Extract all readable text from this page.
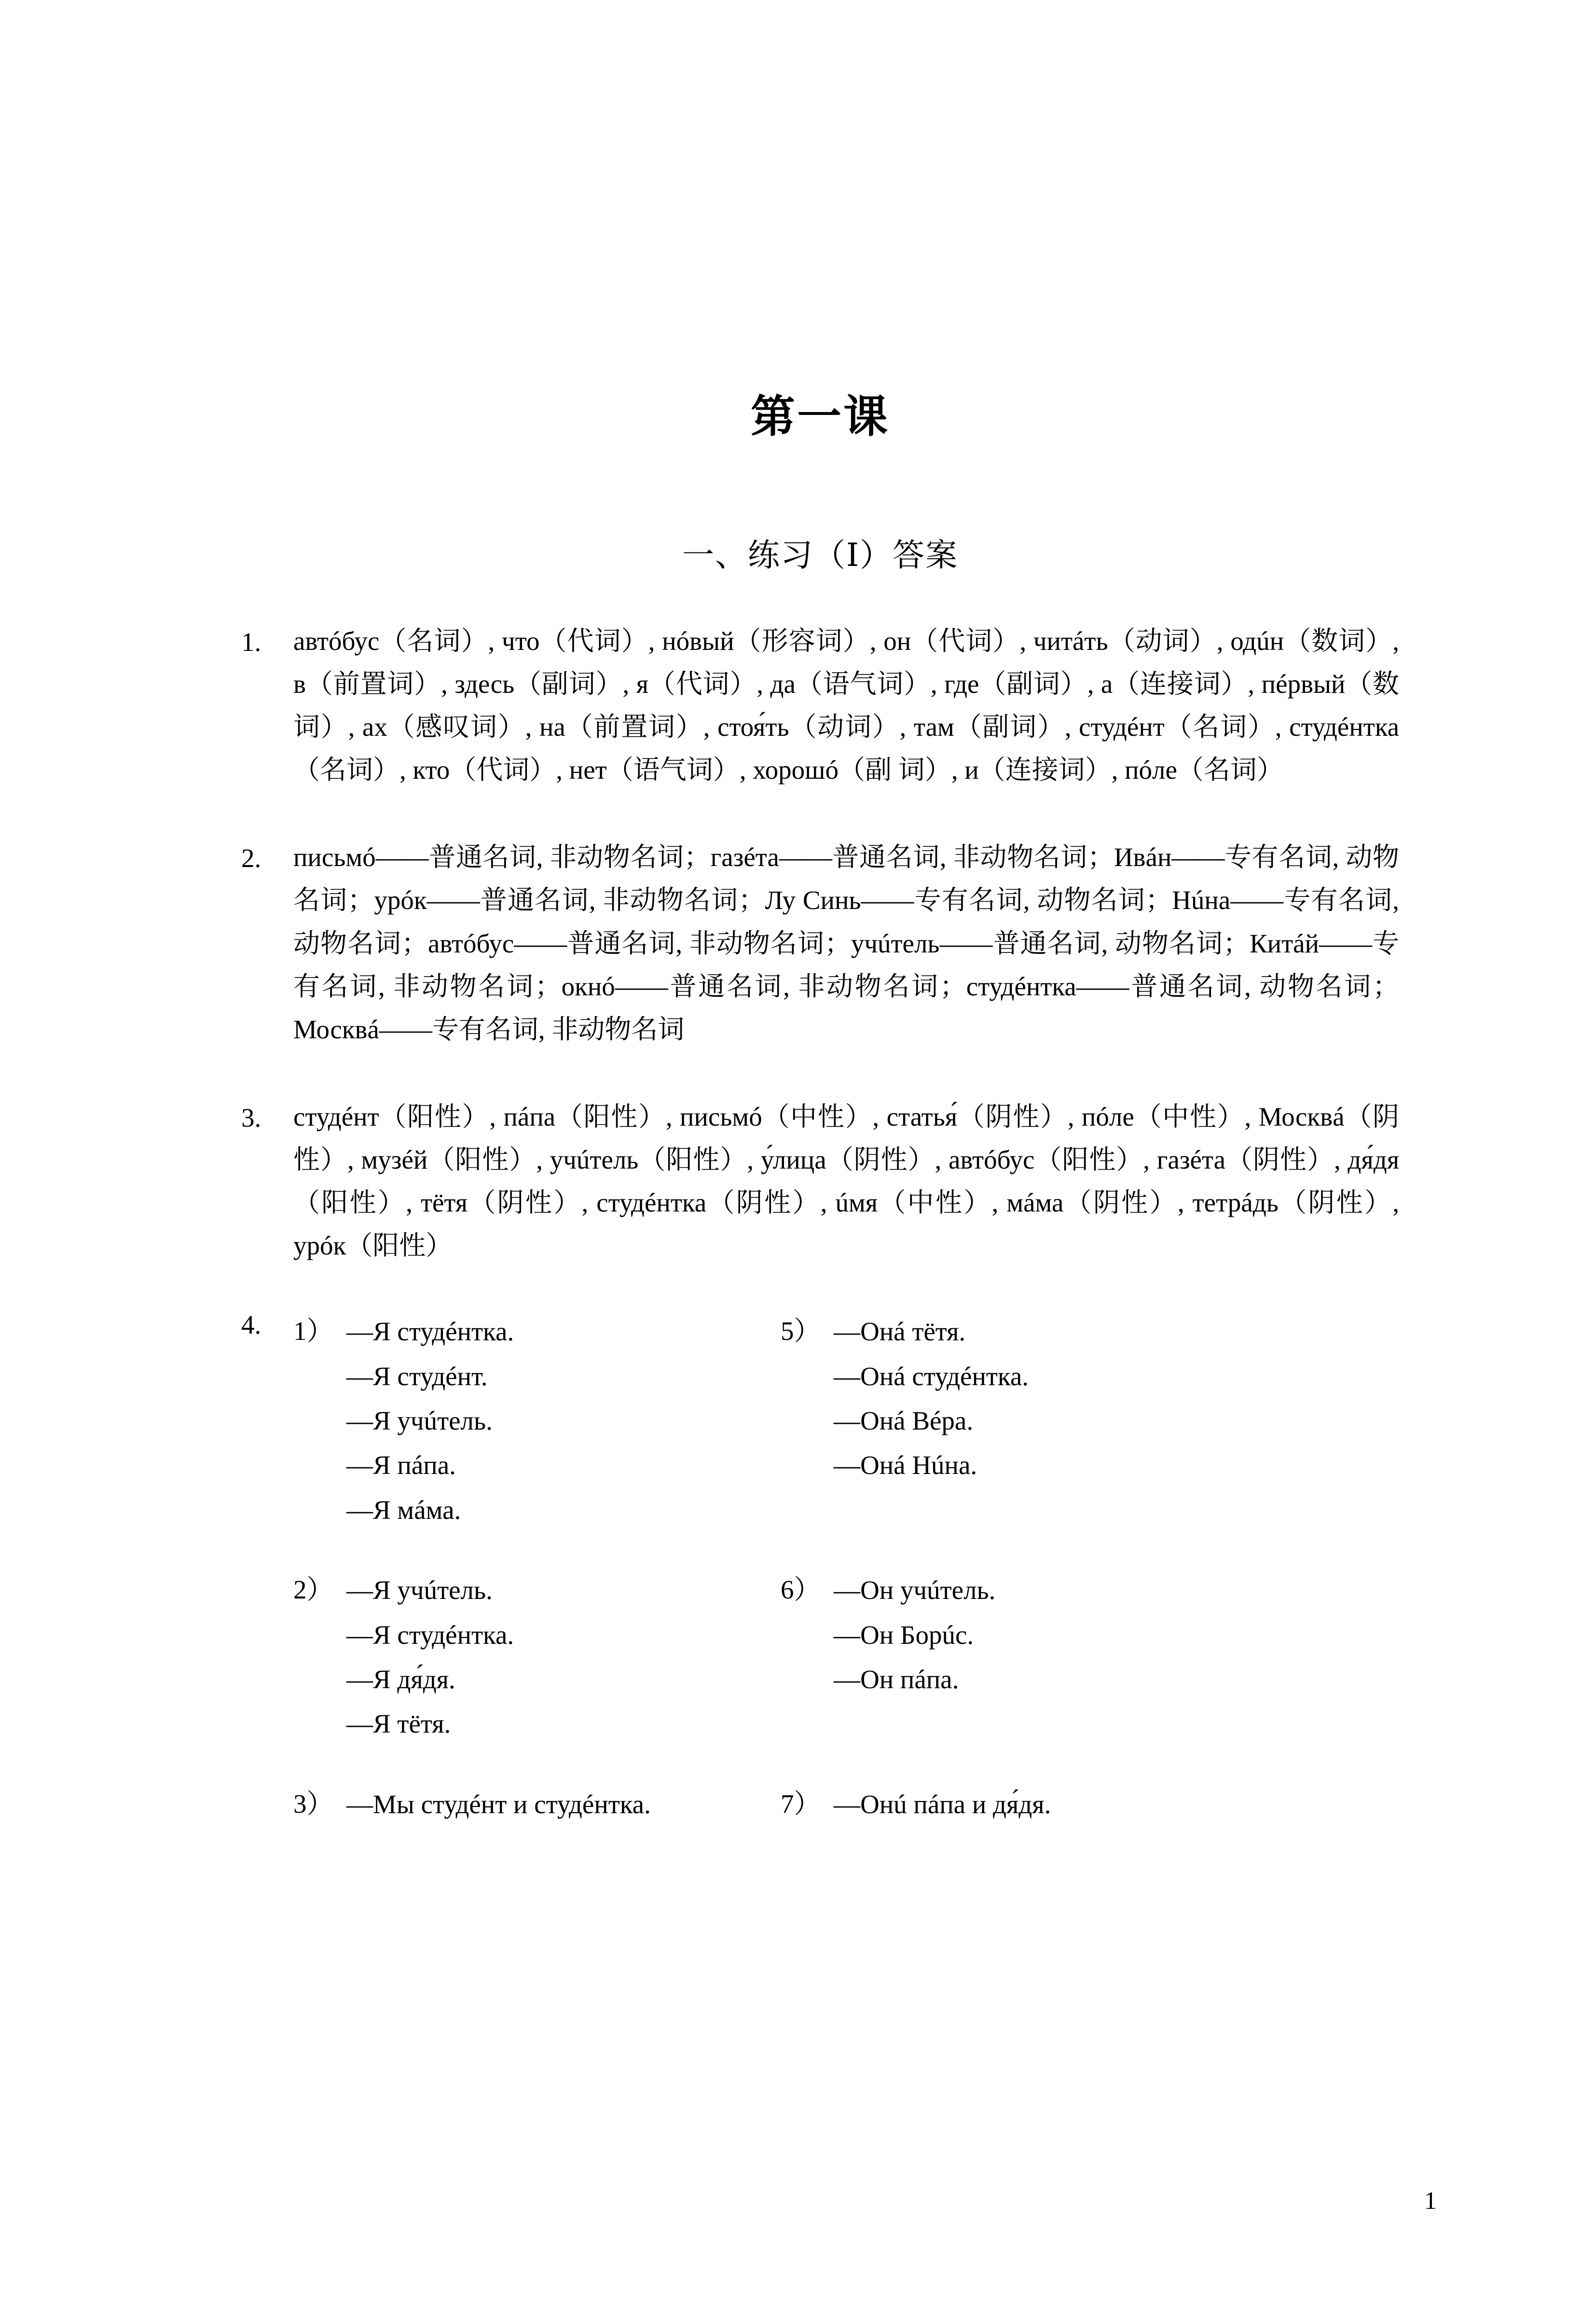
第一课
一、练习（Ⅰ）答案
1.	автóбус（名词）, что（代词）, нóвый（形容词）, он（代词）, читáть（动词）, одúн（数词）, в（前置词）, здесь（副词）, я（代词）, да（语气词）, где（副词）, а（连接词）, пéрвый（数词）, ах（感叹词）, на（前置词）, стоя́ть（动词）, там（副词）, студéнт（名词）, студéнтка（名词）, кто（代词）, нет（语气词）, хорошó（副 词）, и（连接词）, пóле（名词）
2.	письмó——普通名词, 非动物名词；газéта——普通名词, 非动物名词；Ивáн——专有名词, 动物名词；урóк——普通名词, 非动物名词；Лу Синь——专有名词, 动物名词；Нúна——专有名词, 动物名词；автóбус——普通名词, 非动物名词；учúтель——普通名词, 动物名词；Китáй——专有名词, 非动物名词；окнó——普通名词, 非动物名词；студéнтка——普通名词, 动物名词；Москвá——专有名词, 非动物名词
3.	студéнт（阳性）, пáпа（阳性）, письмó（中性）, статья́（阴性）, пóле（中性）, Москвá（阴性）, музéй（阳性）, учúтель（阳性）, у́лица（阴性）, автóбус（阳性）, газéта（阴性）, дя́дя（阳性）, тётя（阴性）, студéнтка（阴性）, úмя（中性）, мáма（阴性）, тетрáдь（阴性）, урóк（阳性）
4.	1） —Я студéнтка.
—Я студéнт.
—Я учúтель.
—Я пáпа.
—Я мáма.
5） —Онá тётя.
—Онá студéнтка.
—Онá Вéра.
—Онá Нúна.
2） —Я учúтель.
—Я студéнтка.
—Я дя́дя.
—Я тётя.
6） —Он учúтель.
—Он Борúс.
—Он пáпа.
3） —Мы студéнт и студéнтка.	7） —Онú пáпа и дя́дя.
1
